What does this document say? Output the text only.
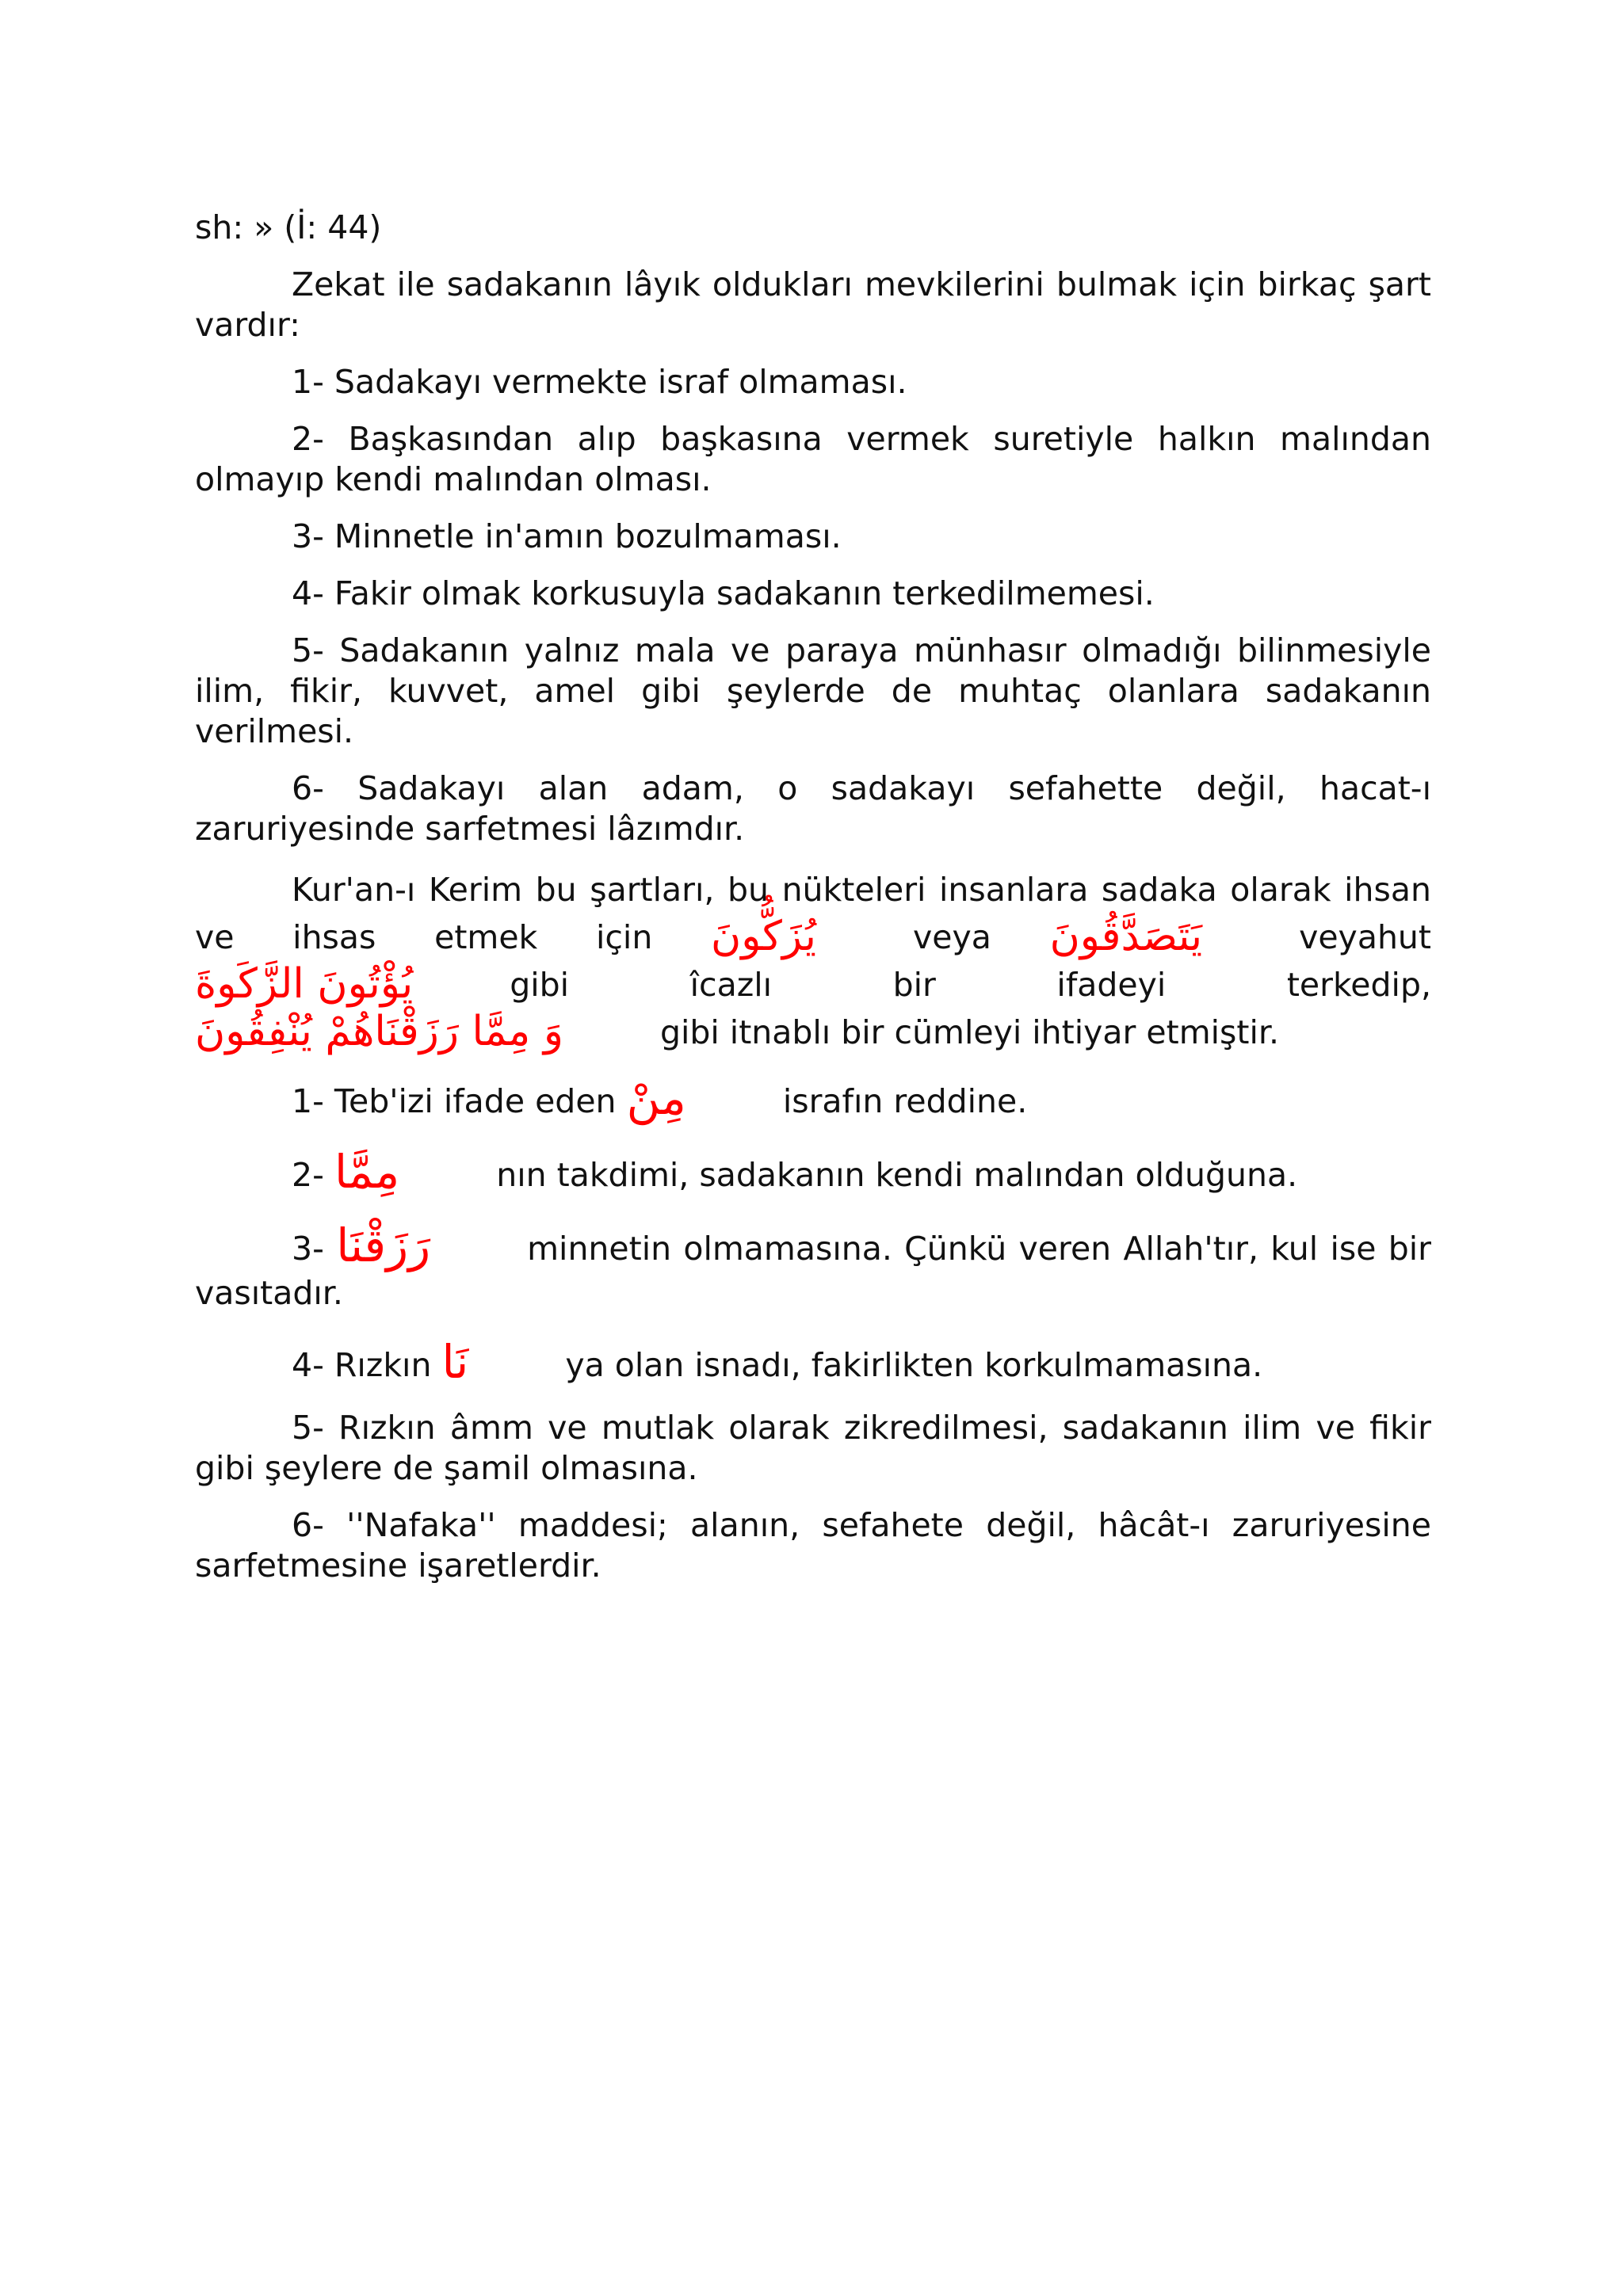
sh: » (İ: 44)

Zekat ile sadakanın lâyık oldukları mevkilerini bulmak için birkaç şart vardır:

1- Sadakayı vermekte israf olmaması.

2- Başkasından alıp başkasına vermek suretiyle halkın malından olmayıp kendi malından olması.

3- Minnetle in'amın bozulmaması.

4- Fakir olmak korkusuyla sadakanın terkedilmemesi.

5- Sadakanın yalnız mala ve paraya münhasır olmadığı bilinmesiyle ilim, fikir, kuvvet, amel gibi şeylerde de muhtaç olanlara sadakanın verilmesi.

6- Sadakayı alan adam, o sadakayı sefahette değil, hacat-ı zaruriyesinde sarfetmesi lâzımdır.

Kur'an-ı Kerim bu şartları, bu nükteleri insanlara sadaka olarak ihsan ve ihsas etmek için يُزَكُّونَ	veya يَتَصَدَّقُونَ	veyahut يُؤْتُونَ الزَّكَوةَ	gibi îcazlı bir ifadeyi terkedip, وَ مِمَّا رَزَقْنَاهُمْ يُنْفِقُونَ	gibi itnablı bir cümleyi ihtiyar etmiştir.

1- Teb'izi ifade eden مِنْ	israfın reddine.

2- مِمَّا	nın takdimi, sadakanın kendi malından olduğuna.

3- رَزَقْنَا	minnetin olmamasına. Çünkü veren Allah'tır, kul ise bir vasıtadır.

4- Rızkın نَا	ya olan isnadı, fakirlikten korkulmamasına.

5- Rızkın âmm ve mutlak olarak zikredilmesi, sadakanın ilim ve fikir gibi şeylere de şamil olmasına.

6- ''Nafaka'' maddesi; alanın, sefahete değil, hâcât-ı zaruriyesine sarfetmesine işaretlerdir.
